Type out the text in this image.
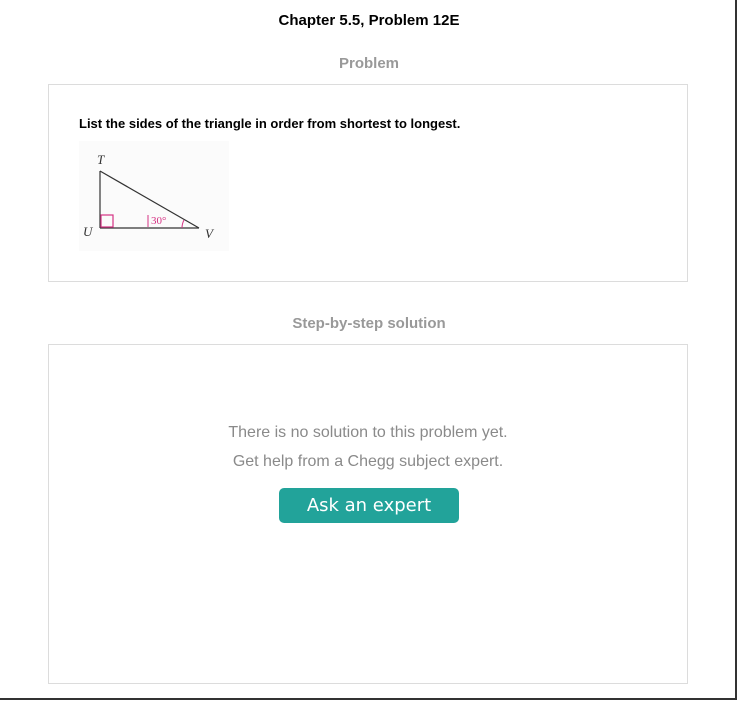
Chapter 5.5, Problem 12E
Problem
List the sides of the triangle in order from shortest to longest.
T
U	V
30°
Step-by-step solution
There is no solution to this problem yet.
Get help from a Chegg subject expert.
Ask an expert
